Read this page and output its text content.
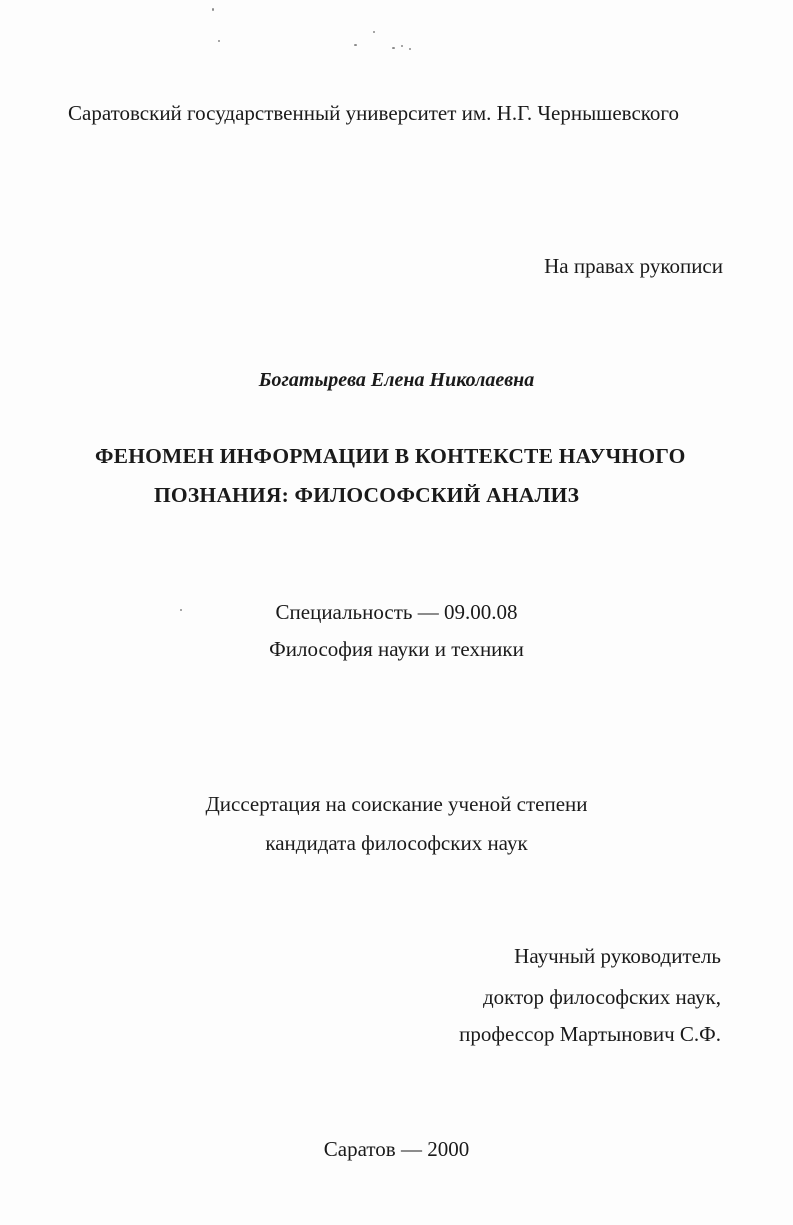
Саратовский государственный университет им. Н.Г. Чернышевского
На правах рукописи
Богатырева Елена Николаевна
ФЕНОМЕН ИНФОРМАЦИИ В КОНТЕКСТЕ НАУЧНОГО
ПОЗНАНИЯ: ФИЛОСОФСКИЙ АНАЛИЗ
Специальность — 09.00.08
Философия науки и техники
Диссертация на соискание ученой степени
кандидата философских наук
Научный руководитель
доктор философских наук,
профессор Мартынович С.Ф.
Саратов — 2000
